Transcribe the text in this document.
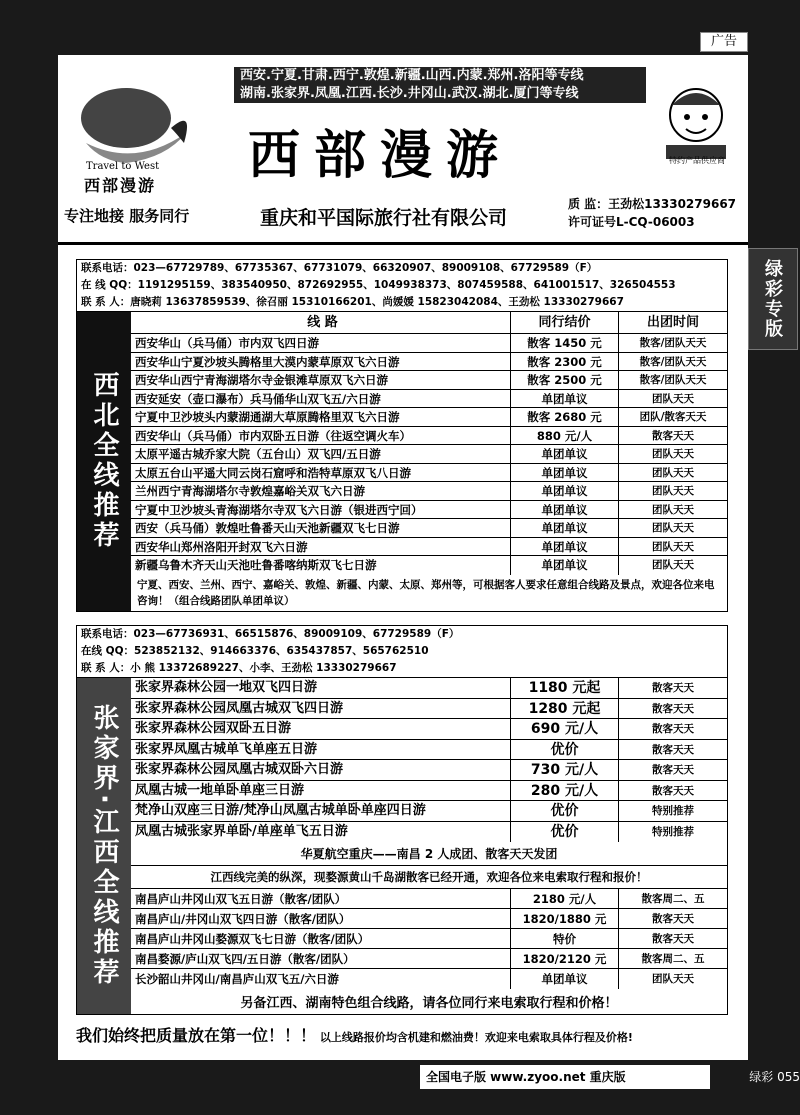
广告
绿彩专版
Travel to West
西部漫游
西安.宁夏.甘肃.西宁.敦煌.新疆.山西.内蒙.郑州.洛阳等专线
湖南.张家界.凤凰.江西.长沙.井冈山.武汉.湖北.厦门等专线
特约产品供应商
西部漫游
专注地接 服务同行	重庆和平国际旅行社有限公司
质 监：王劲松13330279667
许可证号L-CQ-06003
联系电话：023—67729789、67735367、67731079、66320907、89009108、67729589（F）
在 线 QQ：1191295159、383540950、872692955、1049938373、807459588、641001517、326504553
联 系 人：唐晓莉 13637859539、徐召丽 15310166201、尚媛媛 15823042084、王劲松 13330279667
西北全线推荐
线 路	同行结价	出团时间
西安华山（兵马俑）市内双飞四日游	散客 1450 元	散客/团队天天
西安华山宁夏沙坡头腾格里大漠内蒙草原双飞六日游	散客 2300 元	散客/团队天天
西安华山西宁青海湖塔尔寺金银滩草原双飞六日游	散客 2500 元	散客/团队天天
西安延安（壶口瀑布）兵马俑华山双飞五/六日游	单团单议	团队天天
宁夏中卫沙坡头内蒙湖通湖大草原腾格里双飞六日游	散客 2680 元	团队/散客天天
西安华山（兵马俑）市内双卧五日游（往返空调火车）	880 元/人	散客天天
太原平遥古城乔家大院（五台山）双飞四/五日游	单团单议	团队天天
太原五台山平遥大同云岗石窟呼和浩特草原双飞八日游	单团单议	团队天天
兰州西宁青海湖塔尔寺敦煌嘉峪关双飞六日游	单团单议	团队天天
宁夏中卫沙坡头青海湖塔尔寺双飞六日游（银进西宁回）	单团单议	团队天天
西安（兵马俑）敦煌吐鲁番天山天池新疆双飞七日游	单团单议	团队天天
西安华山郑州洛阳开封双飞六日游	单团单议	团队天天
新疆乌鲁木齐天山天池吐鲁番喀纳斯双飞七日游	单团单议	团队天天
宁夏、西安、兰州、西宁、嘉峪关、敦煌、新疆、内蒙、太原、郑州等，可根据客人要求任意组合线路及景点，欢迎各位来电咨询！（组合线路团队单团单议）
联系电话：023—67736931、66515876、89009109、67729589（F）
在线 QQ：523852132、914663376、635437857、565762510
联 系 人：小 熊 13372689227、小李、王劲松 13330279667
张家界·江西全线推荐
张家界森林公园一地双飞四日游	1180 元起	散客天天
张家界森林公园凤凰古城双飞四日游	1280 元起	散客天天
张家界森林公园双卧五日游	690 元/人	散客天天
张家界凤凰古城单飞单座五日游	优价	散客天天
张家界森林公园凤凰古城双卧六日游	730 元/人	散客天天
凤凰古城一地单卧单座三日游	280 元/人	散客天天
梵净山双座三日游/梵净山凤凰古城单卧单座四日游	优价	特别推荐
凤凰古城张家界单卧/单座单飞五日游	优价	特别推荐
华夏航空重庆——南昌 2 人成团、散客天天发团
江西线完美的纵深，现婺源黄山千岛湖散客已经开通，欢迎各位来电索取行程和报价！
南昌庐山井冈山双飞五日游（散客/团队）	2180 元/人	散客周二、五
南昌庐山/井冈山双飞四日游（散客/团队）	1820/1880 元	散客天天
南昌庐山井冈山婺源双飞七日游（散客/团队）	特价	散客天天
南昌婺源/庐山双飞四/五日游（散客/团队）	1820/2120 元	散客周二、五
长沙韶山井冈山/南昌庐山双飞五/六日游	单团单议	团队天天
另备江西、湖南特色组合线路，请各位同行来电索取行程和价格！
我们始终把质量放在第一位！！！ 以上线路报价均含机建和燃油费！欢迎来电索取具体行程及价格!
全国电子版 www.zyoo.net 重庆版	绿彩 055
